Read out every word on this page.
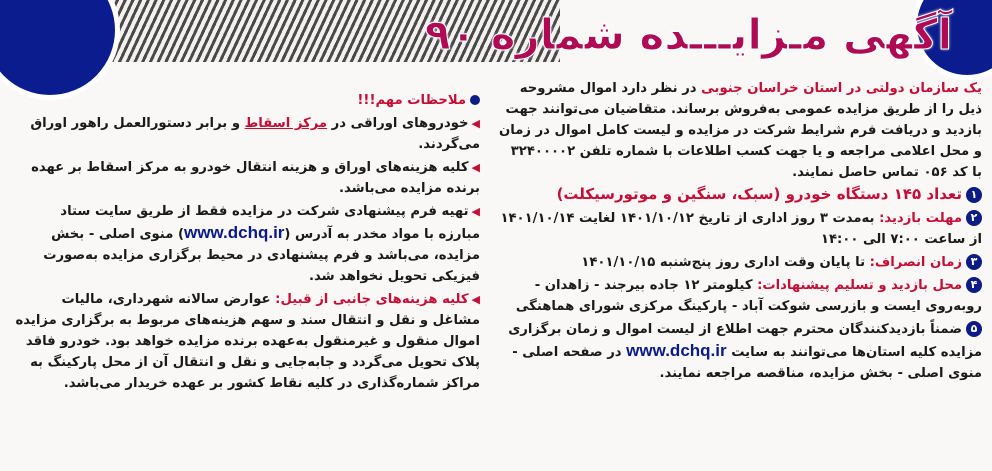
آگهی مـزایـــده شماره ۹۰

یک سازمان دولتی در استان خراسان جنوبی در نظر دارد اموال مشروحه ذیل را از طریق مزایده عمومی به‌فروش برساند. متقاضیان می‌توانند جهت بازدید و دریافت فرم شرایط شرکت در مزایده و لیست کامل اموال در زمان و محل اعلامی مراجعه و یا جهت کسب اطلاعات با شماره تلفن ۳۲۴۰۰۰۰۲ با کد ۰۵۶ تماس حاصل نمایند.

۱تعداد ۱۴۵ دستگاه خودرو (سبک، سنگین و موتورسیکلت)
۲مهلت بازدید: به‌مدت ۳ روز اداری از تاریخ ۱۴۰۱/۱۰/۱۲ لغایت ۱۴۰۱/۱۰/۱۴ از ساعت ۷:۰۰ الی ۱۴:۰۰
۳زمان انصراف: تا پایان وقت اداری روز پنج‌شنبه ۱۴۰۱/۱۰/۱۵
۴محل بازدید و تسلیم پیشنهادات: کیلومتر ۱۲ جاده بیرجند - زاهدان - روبه‌روی ایست و بازرسی شوکت آباد - پارکینگ مرکزی شورای هماهنگی
۵ضمناً بازدیدکنندگان محترم جهت اطلاع از لیست اموال و زمان برگزاری مزایده کلیه استان‌ها می‌توانند به سایت www.dchq.ir در صفحه اصلی - منوی اصلی - بخش مزایده، مناقصه مراجعه نمایند.
ملاحظات مهم!!!
◀خودروهای اوراقی در مرکز اسقاط و برابر دستورالعمل راهور اوراق می‌گردند.
◀کلیه هزینه‌های اوراق و هزینه انتقال خودرو به مرکز اسقاط بر عهده برنده مزایده می‌باشد.
◀تهیه فرم پیشنهادی شرکت در مزایده فقط از طریق سایت ستاد مبارزه با مواد مخدر به آدرس (www.dchq.ir) منوی اصلی - بخش مزایده، می‌باشد و فرم پیشنهادی در محیط برگزاری مزایده به‌صورت فیزیکی تحویل نخواهد شد.
◀کلیه هزینه‌های جانبی از قبیل: عوارض سالانه شهرداری، مالیات مشاغل و نقل و انتقال سند و سهم هزینه‌های مربوط به برگزاری مزایده اموال منقول و غیرمنقول به‌عهده برنده مزایده خواهد بود. خودرو فاقد پلاک تحویل می‌گردد و جابه‌جایی و نقل و انتقال آن از محل پارکینگ به مراکز شماره‌گذاری در کلیه نقاط کشور بر عهده خریدار می‌باشد.
